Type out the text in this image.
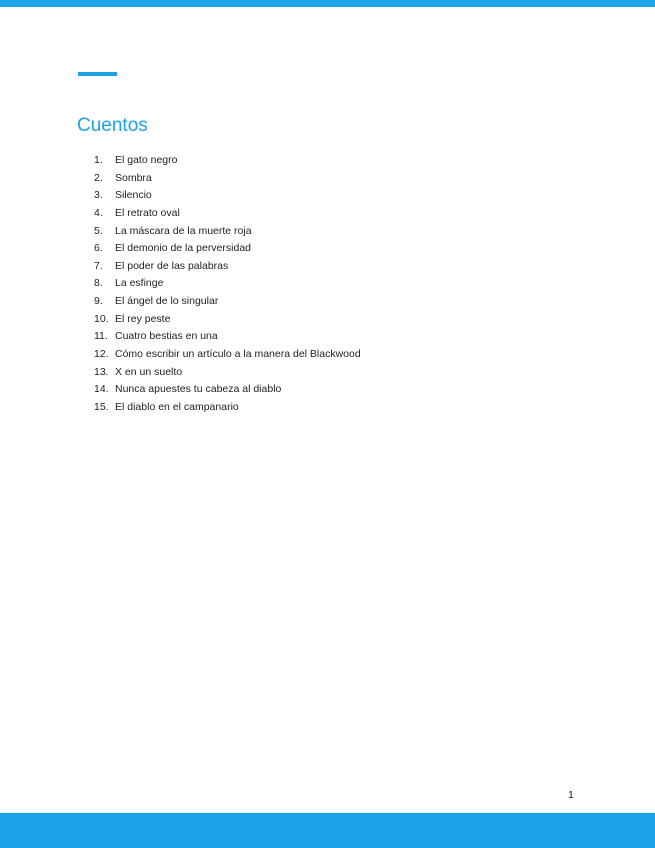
Cuentos
1. El gato negro
2. Sombra
3. Silencio
4. El retrato oval
5. La máscara de la muerte roja
6. El demonio de la perversidad
7. El poder de las palabras
8. La esfinge
9. El ángel de lo singular
10. El rey peste
11. Cuatro bestias en una
12. Cómo escribir un artículo a la manera del Blackwood
13. X en un suelto
14. Nunca apuestes tu cabeza al diablo
15. El diablo en el campanario
1
